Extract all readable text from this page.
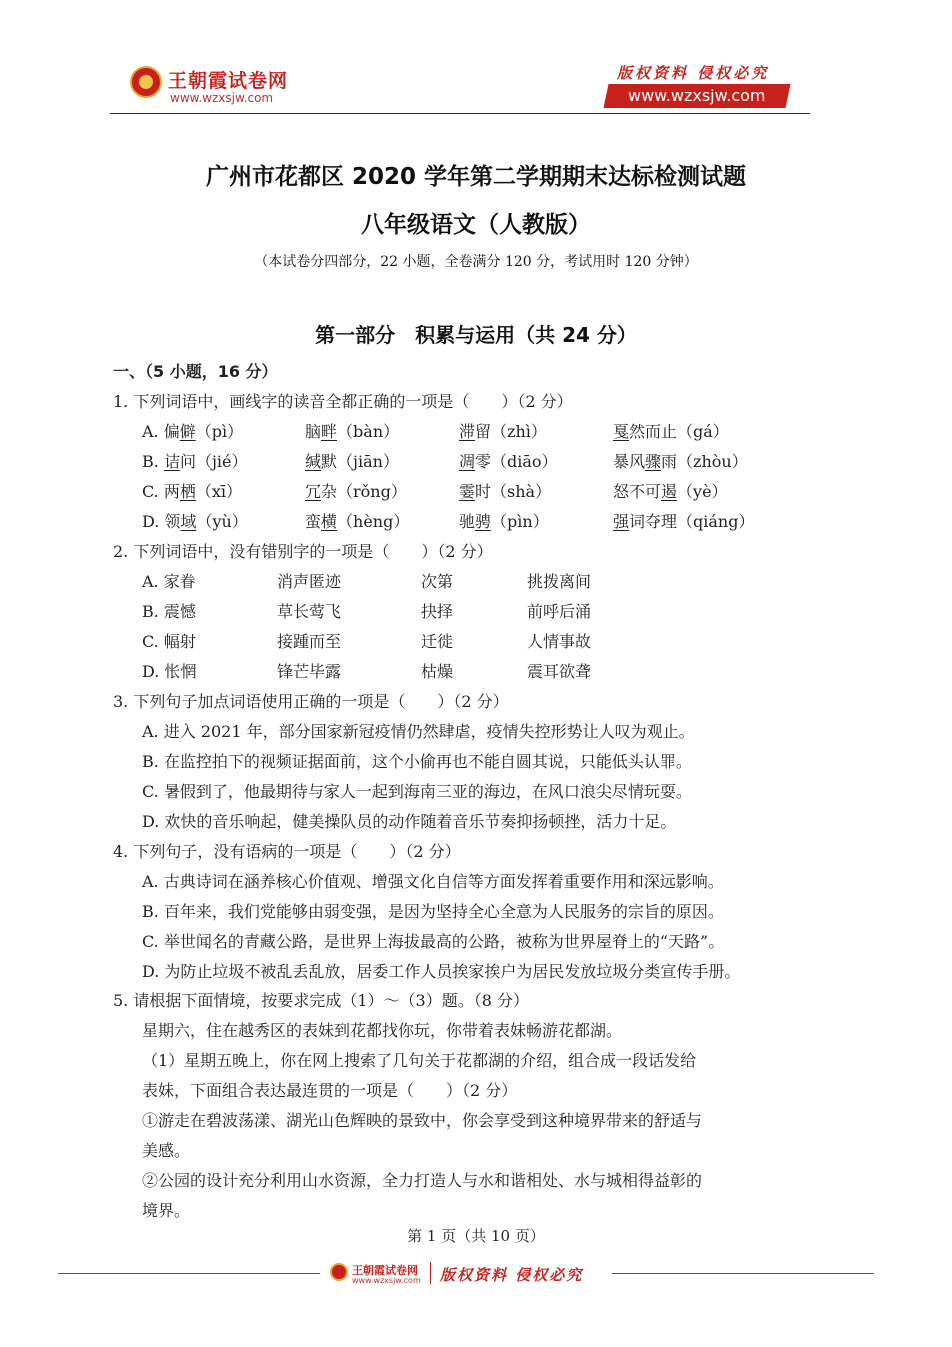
王朝霞试卷网
www.wzxsjw.com
版权资料 侵权必究
www.wzxsjw.com
广州市花都区 2020 学年第二学期期末达标检测试题
八年级语文（人教版）
（本试卷分四部分，22 小题，全卷满分 120 分，考试用时 120 分钟）
第一部分　积累与运用（共 24 分）
一、（5 小题，16 分）
1. 下列词语中，画线字的读音全都正确的一项是（　　）（2 分）
A. 偏僻（pì）	脑畔（bàn）	滞留（zhì）	戛然而止（gá）
B. 诘问（jié）	缄默（jiān）	凋零（diāo）	暴风骤雨（zhòu）
C. 两栖（xī）	冗杂（rǒng）	霎时（shà）	怒不可遏（yè）
D. 领域（yù）	蛮横（hèng）	驰骋（pìn）	强词夺理（qiáng）
2. 下列词语中，没有错别字的一项是（　　）（2 分）
A. 家眷	消声匿迹	次第	挑拨离间
B. 震憾	草长莺飞	抉择	前呼后涌
C. 幅射	接踵而至	迁徙	人情事故
D. 怅惘	锋芒毕露	枯燥	震耳欲聋
3. 下列句子加点词语使用正确的一项是（　　）（2 分）
A. 进入 2021 年，部分国家新冠疫情仍然肆虐，疫情失控形势让人叹为观止。
B. 在监控拍下的视频证据面前，这个小偷再也不能自圆其说，只能低头认罪。
C. 暑假到了，他最期待与家人一起到海南三亚的海边，在风口浪尖尽情玩耍。
D. 欢快的音乐响起，健美操队员的动作随着音乐节奏抑扬顿挫，活力十足。
4. 下列句子，没有语病的一项是（　　）（2 分）
A. 古典诗词在涵养核心价值观、增强文化自信等方面发挥着重要作用和深远影响。
B. 百年来，我们党能够由弱变强，是因为坚持全心全意为人民服务的宗旨的原因。
C. 举世闻名的青藏公路，是世界上海拔最高的公路，被称为世界屋脊上的“天路”。
D. 为防止垃圾不被乱丢乱放，居委工作人员挨家挨户为居民发放垃圾分类宣传手册。
5. 请根据下面情境，按要求完成（1）～（3）题。（8 分）
星期六，住在越秀区的表妹到花都找你玩，你带着表妹畅游花都湖。
（1）星期五晚上，你在网上搜索了几句关于花都湖的介绍，组合成一段话发给
表妹，下面组合表达最连贯的一项是（　　）（2 分）
①游走在碧波荡漾、湖光山色辉映的景致中，你会享受到这种境界带来的舒适与
美感。
②公园的设计充分利用山水资源，全力打造人与水和谐相处、水与城相得益彰的
境界。
第 1 页（共 10 页）
王朝霞试卷网
www.wzxsjw.com 版权资料 侵权必究
